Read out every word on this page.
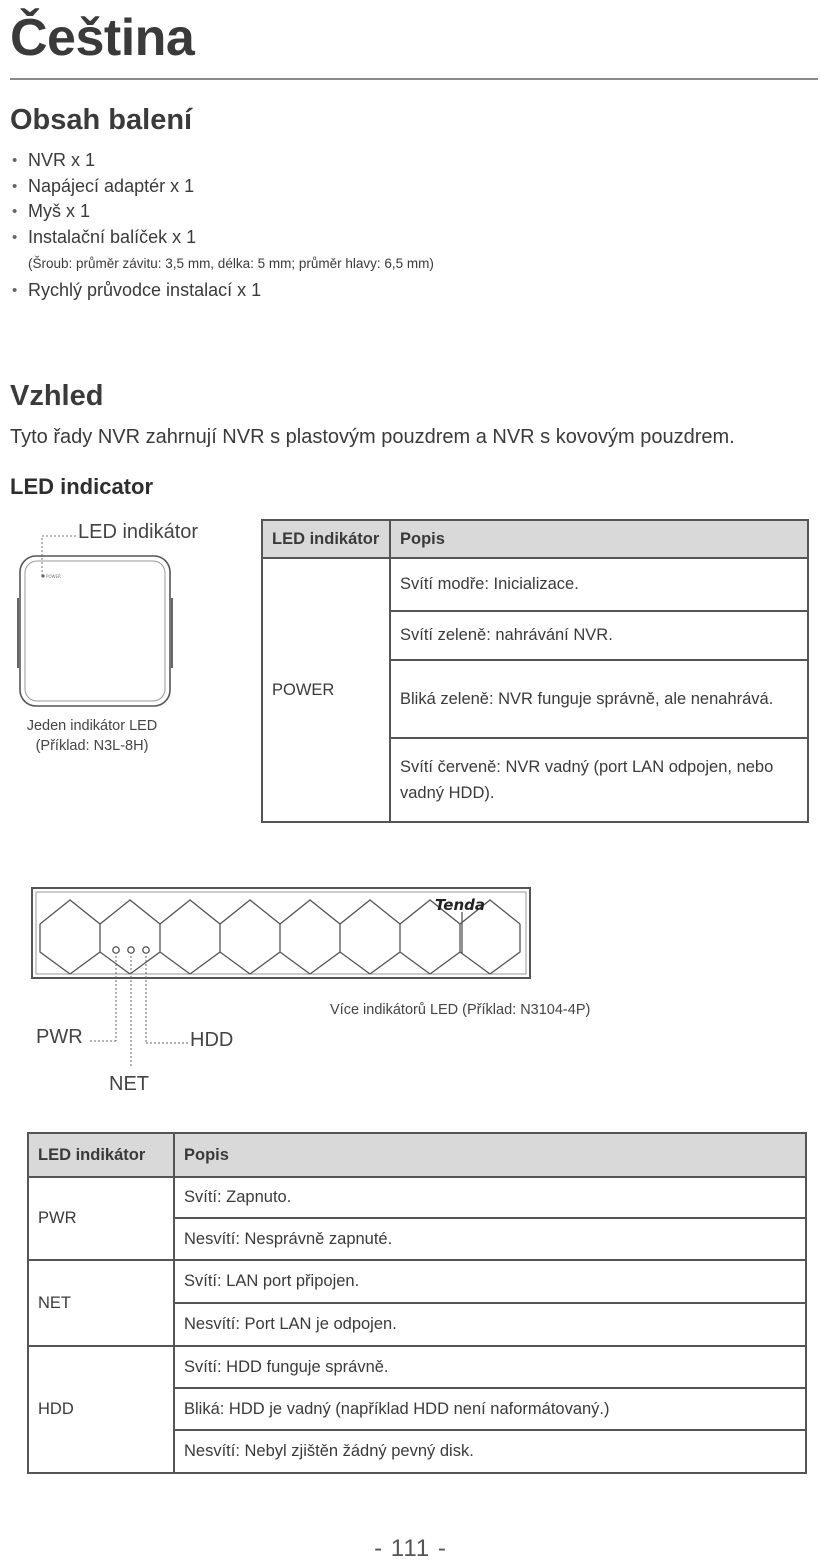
Čeština
Obsah balení
• NVR x 1
• Napájecí adaptér x 1
• Myš x 1
• Instalační balíček x 1
(Šroub: průměr závitu: 3,5 mm, délka: 5 mm; průměr hlavy: 6,5 mm)
• Rychlý průvodce instalací x 1
Vzhled
Tyto řady NVR zahrnují NVR s plastovým pouzdrem a NVR s kovovým pouzdrem.
LED indicator
POWER
LED indikátor
Jeden indikátor LED
(Příklad: N3L-8H)
LED indikátor	Popis
POWER	Svítí modře: Inicializace.
	Svítí zeleně: nahrávání NVR.
	Bliká zeleně: NVR funguje správně, ale nenahrává.
	Svítí červeně: NVR vadný (port LAN odpojen, nebo vadný HDD).
Tenda
PWR	HDD
NET
Více indikátorů LED (Příklad: N3104-4P)
LED indikátor	Popis
PWR	Svítí: Zapnuto.
	Nesvítí: Nesprávně zapnuté.
NET	Svítí: LAN port připojen.
	Nesvítí: Port LAN je odpojen.
HDD	Svítí: HDD funguje správně.
	Bliká: HDD je vadný (například HDD není naformátovaný.)
	Nesvítí: Nebyl zjištěn žádný pevný disk.
- 111 -
